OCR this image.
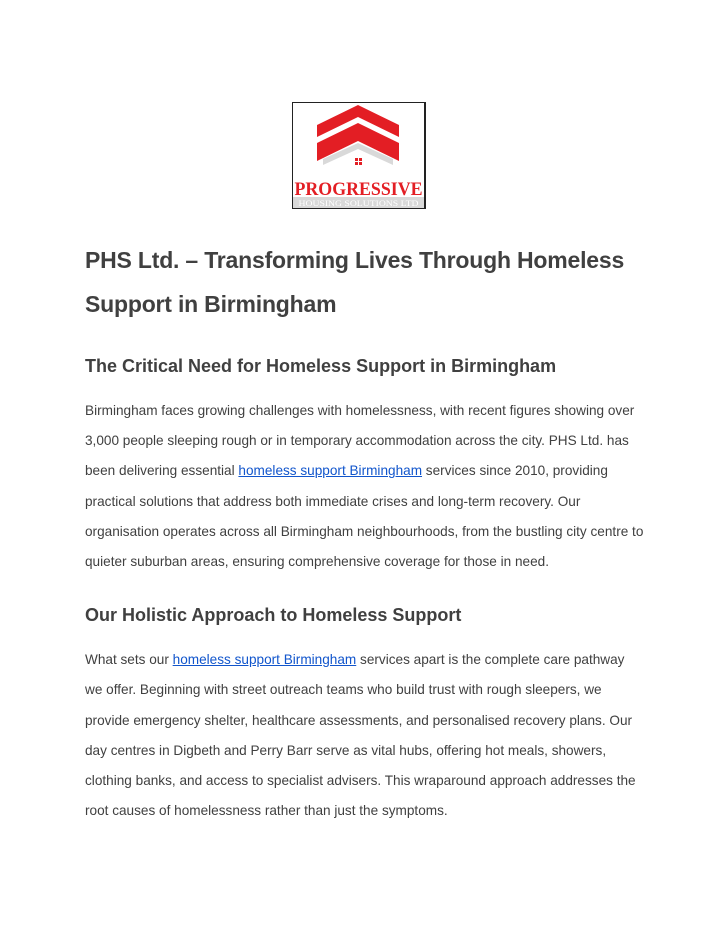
PROGRESSIVE
HOUSING SOLUTIONS LTD
PHS Ltd. – Transforming Lives Through Homeless Support in Birmingham
The Critical Need for Homeless Support in Birmingham

Birmingham faces growing challenges with homelessness, with recent figures showing over 3,000 people sleeping rough or in temporary accommodation across the city. PHS Ltd. has been delivering essential homeless support Birmingham services since 2010, providing practical solutions that address both immediate crises and long-term recovery. Our organisation operates across all Birmingham neighbourhoods, from the bustling city centre to quieter suburban areas, ensuring comprehensive coverage for those in need.

Our Holistic Approach to Homeless Support

What sets our homeless support Birmingham services apart is the complete care pathway we offer. Beginning with street outreach teams who build trust with rough sleepers, we provide emergency shelter, healthcare assessments, and personalised recovery plans. Our day centres in Digbeth and Perry Barr serve as vital hubs, offering hot meals, showers, clothing banks, and access to specialist advisers. This wraparound approach addresses the root causes of homelessness rather than just the symptoms.
